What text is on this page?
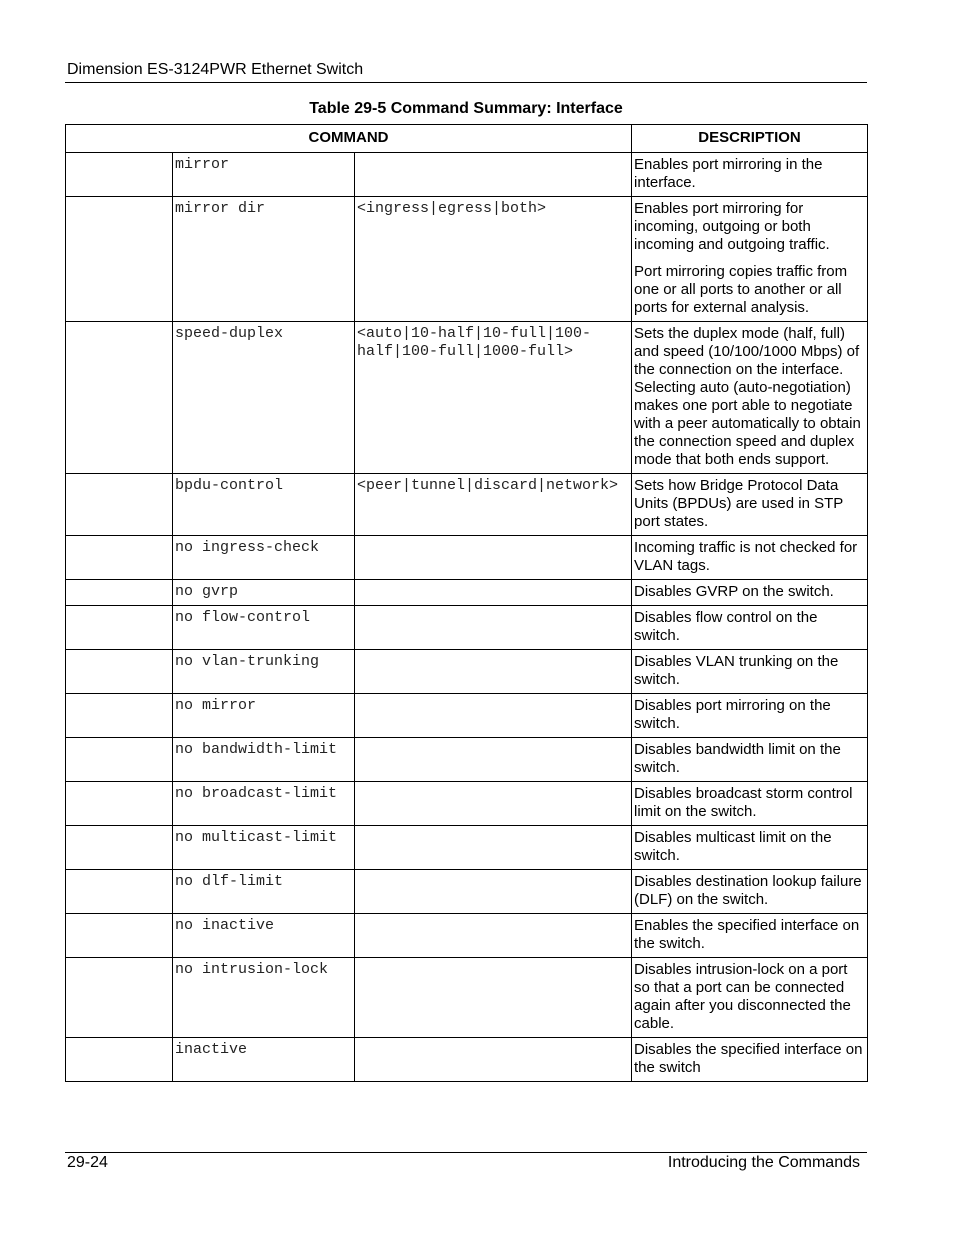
Dimension ES-3124PWR Ethernet Switch
Table 29-5 Command Summary: Interface
COMMAND			DESCRIPTION
	mirror		Enables port mirroring in the interface.

	mirror dir	<ingress|egress|both>	Enables port mirroring for incoming, outgoing or both incoming and outgoing traffic.

Port mirroring copies traffic from one or all ports to another or all ports for external analysis.

	speed-duplex	<auto|10-half|10-full|100-half|100-full|1000-full>	Sets the duplex mode (half, full) and speed (10/100/1000 Mbps) of the connection on the interface. Selecting auto (auto-negotiation) makes one port able to negotiate with a peer automatically to obtain the connection speed and duplex mode that both ends support.

	bpdu-control	<peer|tunnel|discard|network>	Sets how Bridge Protocol Data Units (BPDUs) are used in STP port states.

	no ingress-check		Incoming traffic is not checked for VLAN tags.

	no gvrp		Disables GVRP on the switch.

	no flow-control		Disables flow control on the switch.

	no vlan-trunking		Disables VLAN trunking on the switch.

	no mirror		Disables port mirroring on the switch.

	no bandwidth-limit		Disables bandwidth limit on the switch.

	no broadcast-limit		Disables broadcast storm control limit on the switch.

	no multicast-limit		Disables multicast limit on the switch.

	no dlf-limit		Disables destination lookup failure (DLF) on the switch.

	no inactive		Enables the specified interface on the switch.

	no intrusion-lock		Disables intrusion-lock on a port so that a port can be connected again after you disconnected the cable.

	inactive		Disables the specified interface on the switch

29-24	Introducing the Commands
